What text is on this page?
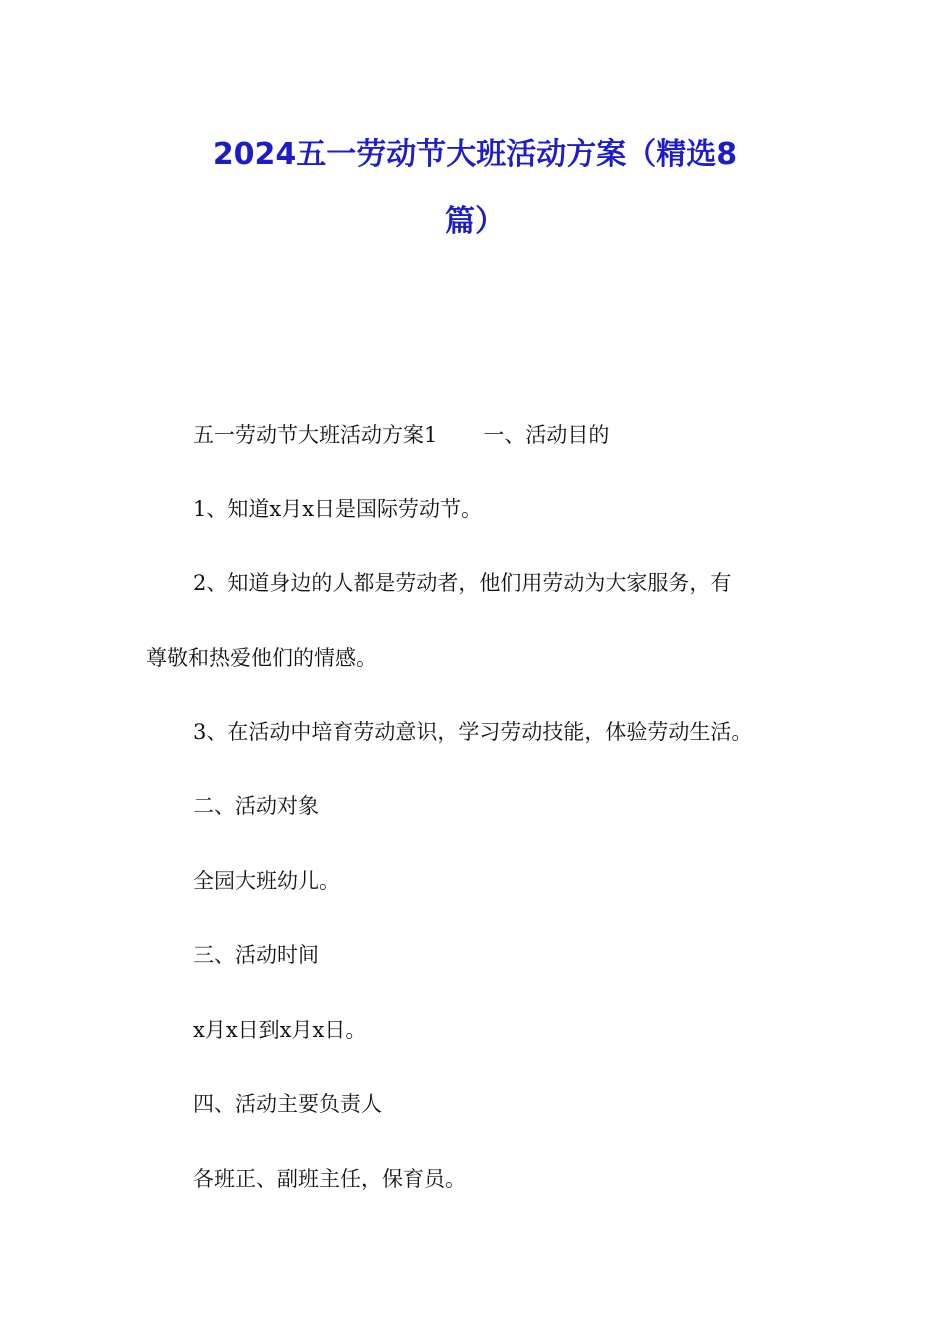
2024五一劳动节大班活动方案（精选8
篇）
五一劳动节大班活动方案1 一、活动目的
1、知道x月x日是国际劳动节。
2、知道身边的人都是劳动者，他们用劳动为大家服务，有
尊敬和热爱他们的情感。
3、在活动中培育劳动意识，学习劳动技能，体验劳动生活。
二、活动对象
全园大班幼儿。
三、活动时间
x月x日到x月x日。
四、活动主要负责人
各班正、副班主任，保育员。
